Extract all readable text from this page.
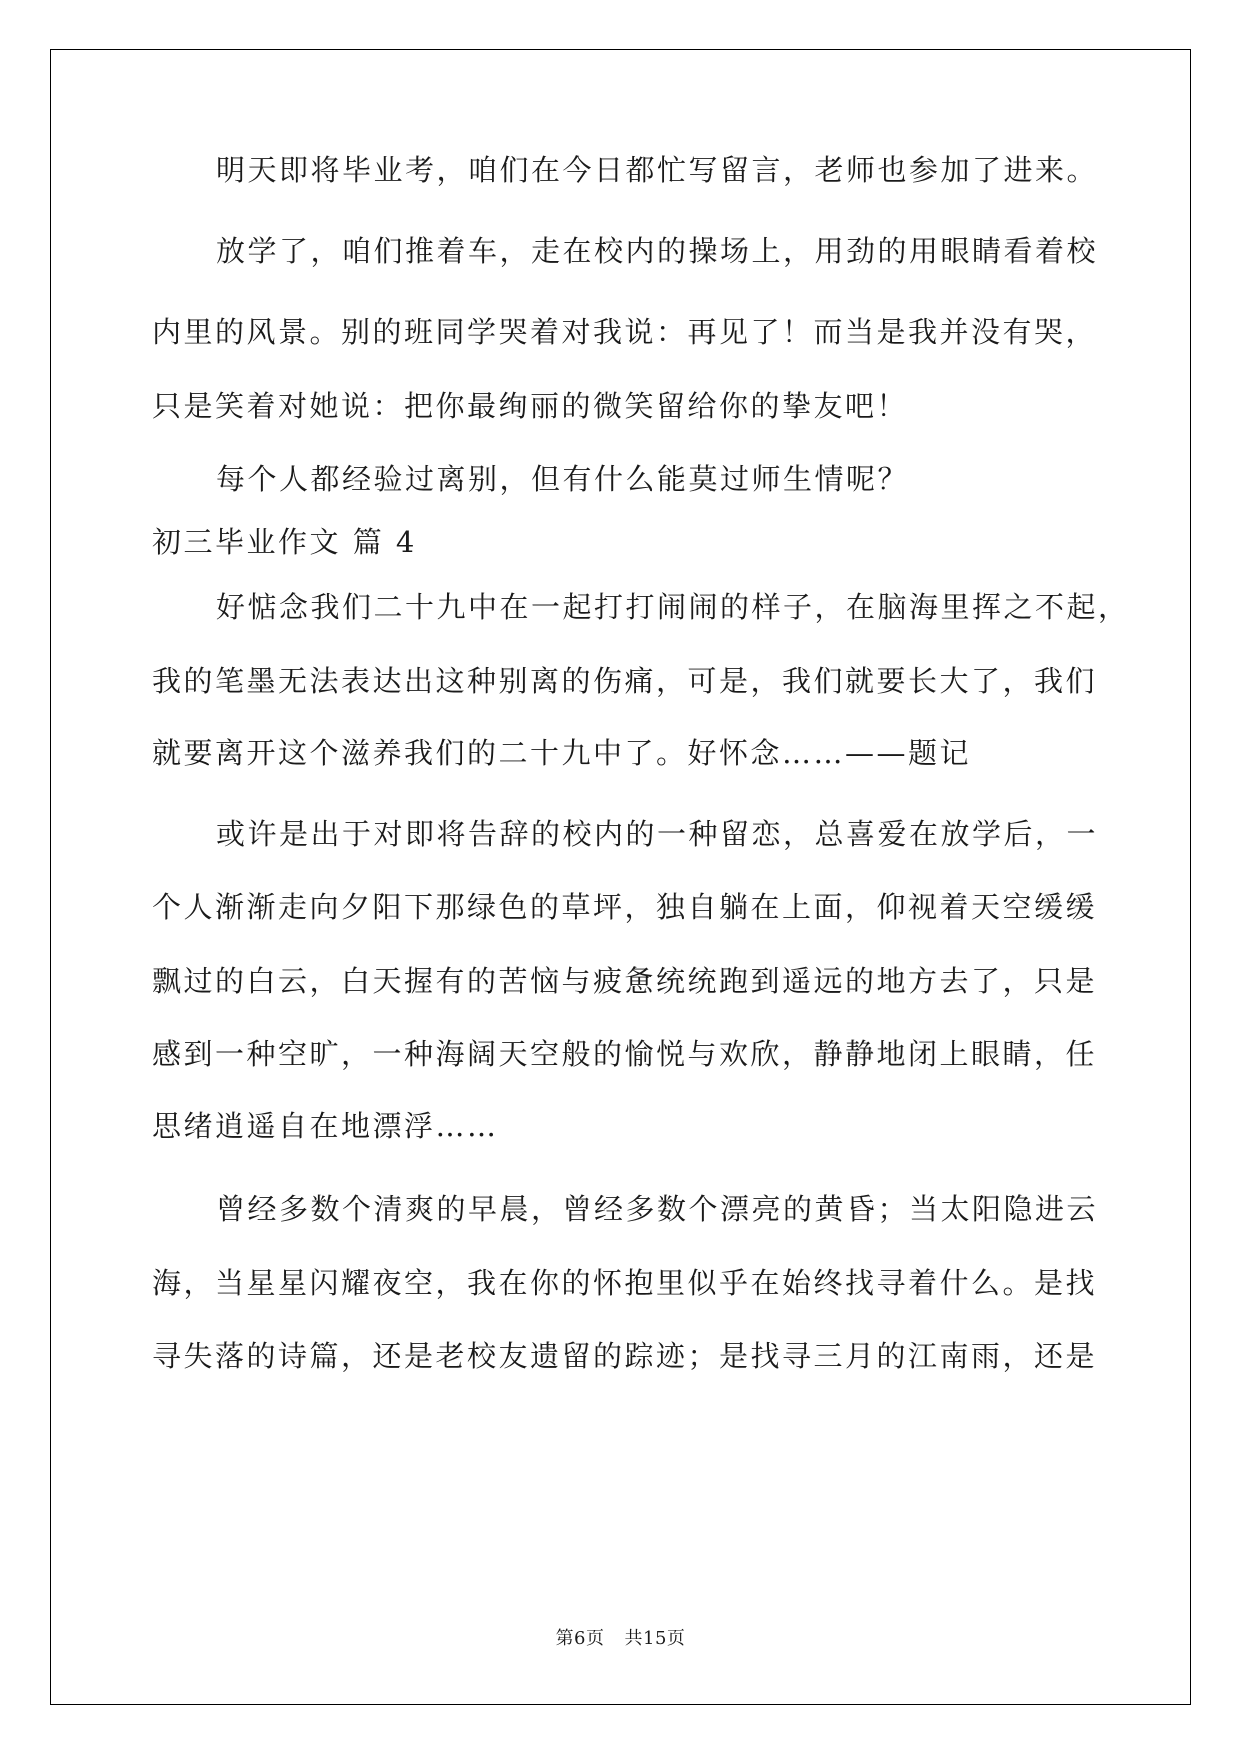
明天即将毕业考，咱们在今日都忙写留言，老师也参加了进来。
放学了，咱们推着车，走在校内的操场上，用劲的用眼睛看着校
内里的风景。别的班同学哭着对我说：再见了！而当是我并没有哭，
只是笑着对她说：把你最绚丽的微笑留给你的挚友吧！
每个人都经验过离别，但有什么能莫过师生情呢？
初三毕业作文 篇 4
好惦念我们二十九中在一起打打闹闹的样子，在脑海里挥之不起，
我的笔墨无法表达出这种别离的伤痛，可是，我们就要长大了，我们
就要离开这个滋养我们的二十九中了。好怀念……——题记
或许是出于对即将告辞的校内的一种留恋，总喜爱在放学后，一
个人渐渐走向夕阳下那绿色的草坪，独自躺在上面，仰视着天空缓缓
飘过的白云，白天握有的苦恼与疲惫统统跑到遥远的地方去了，只是
感到一种空旷，一种海阔天空般的愉悦与欢欣，静静地闭上眼睛，任
思绪逍遥自在地漂浮……
曾经多数个清爽的早晨，曾经多数个漂亮的黄昏；当太阳隐进云
海，当星星闪耀夜空，我在你的怀抱里似乎在始终找寻着什么。是找
寻失落的诗篇，还是老校友遗留的踪迹；是找寻三月的江南雨，还是
第6页 共15页
